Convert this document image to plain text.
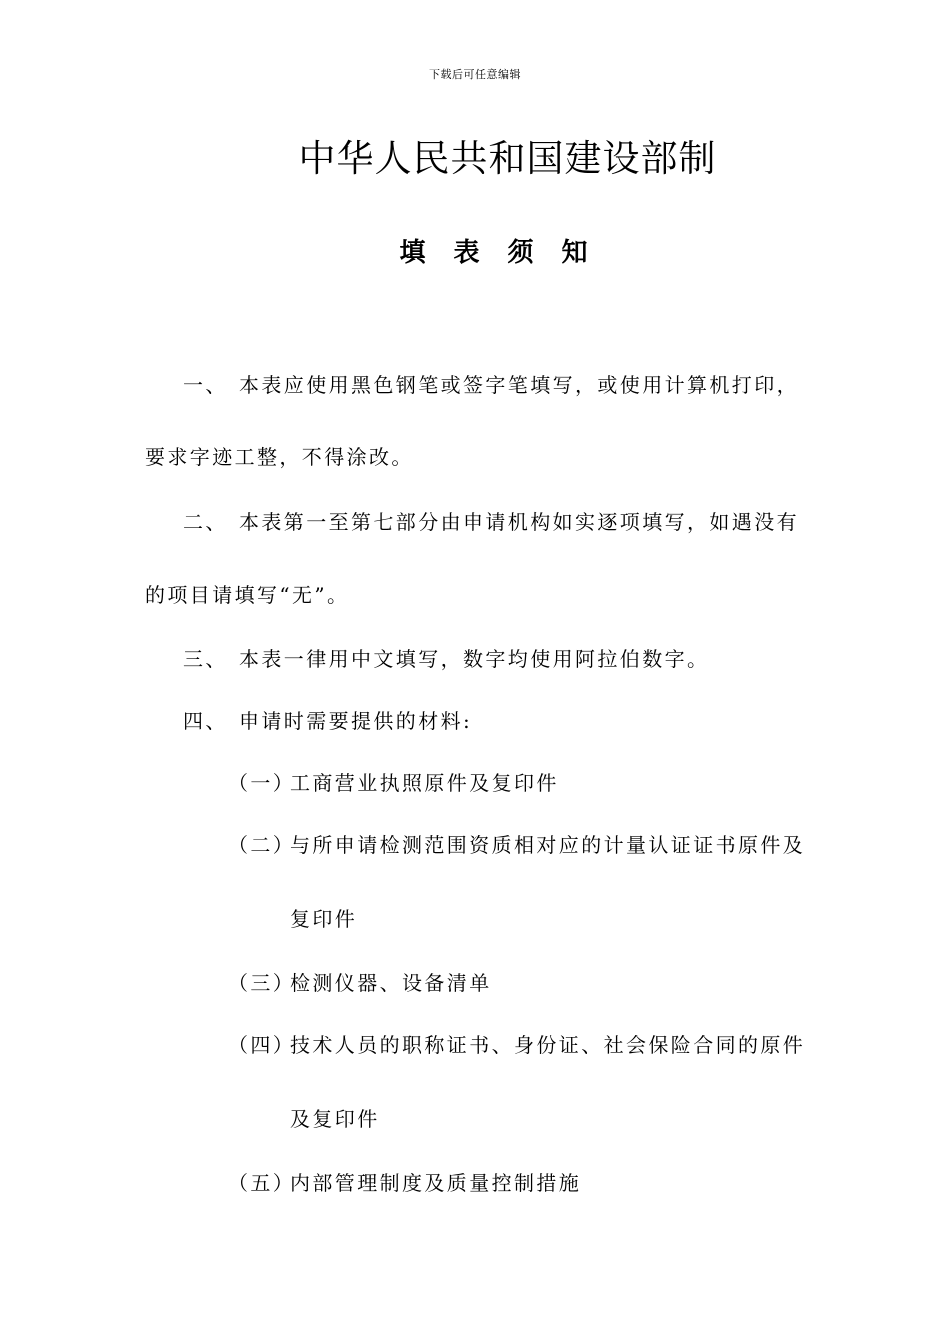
下载后可任意编辑
中华人民共和国建设部制
填表须知
一、 本表应使用黑色钢笔或签字笔填写，或使用计算机打印，
要求字迹工整，不得涂改。
二、 本表第一至第七部分由申请机构如实逐项填写，如遇没有
的项目请填写“无”。
三、 本表一律用中文填写，数字均使用阿拉伯数字。
四、 申请时需要提供的材料:
（一）工商营业执照原件及复印件
（二）与所申请检测范围资质相对应的计量认证证书原件及
复印件
（三）检测仪器、设备清单
（四）技术人员的职称证书、身份证、社会保险合同的原件
及复印件
（五）内部管理制度及质量控制措施
